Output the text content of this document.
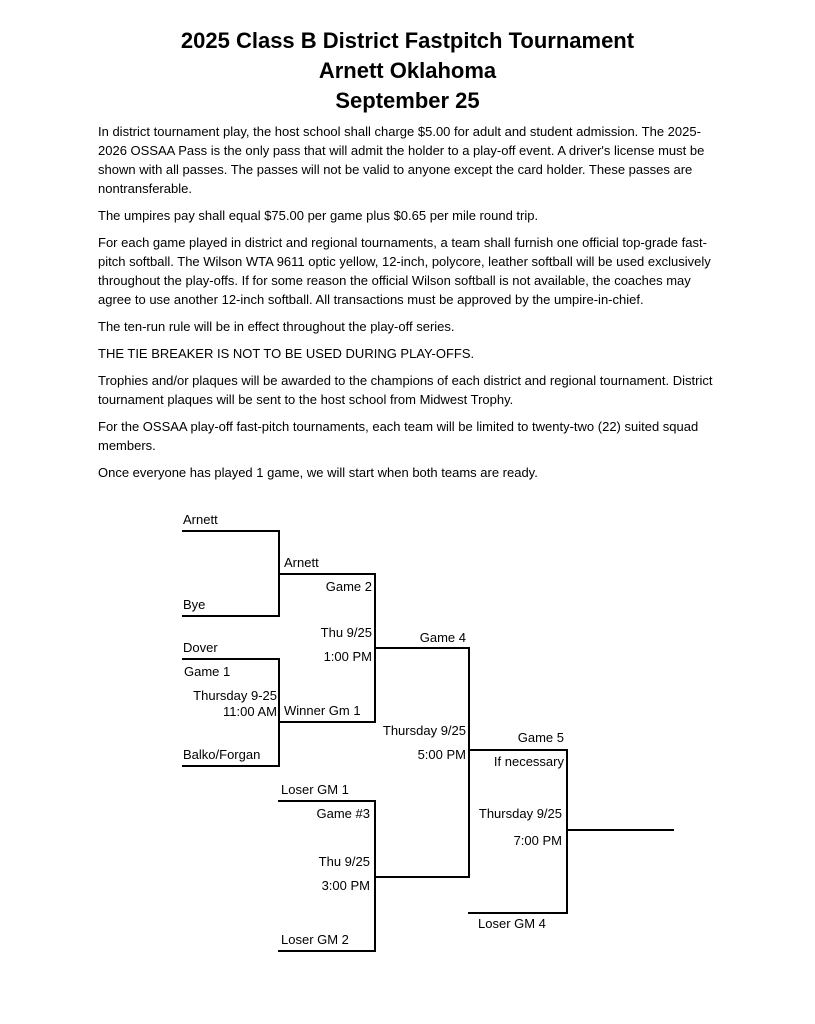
2025 Class B District Fastpitch Tournament
Arnett Oklahoma
September 25

In district tournament play, the host school shall charge $5.00 for adult and student admission. The 2025-2026 OSSAA Pass is the only pass that will admit the holder to a play-off event. A driver's license must be shown with all passes. The passes will not be valid to anyone except the card holder. These passes are nontransferable.

The umpires pay shall equal $75.00 per game plus $0.65 per mile round trip.

For each game played in district and regional tournaments, a team shall furnish one official top-grade fast-pitch softball. The Wilson WTA 9611 optic yellow, 12-inch, polycore, leather softball will be used exclusively throughout the play-offs. If for some reason the official Wilson softball is not available, the coaches may agree to use another 12-inch softball. All transactions must be approved by the umpire-in-chief.

The ten-run rule will be in effect throughout the play-off series.

THE TIE BREAKER IS NOT TO BE USED DURING PLAY-OFFS.

Trophies and/or plaques will be awarded to the champions of each district and regional tournament. District tournament plaques will be sent to the host school from Midwest Trophy.

For the OSSAA play-off fast-pitch tournaments, each team will be limited to twenty-two (22) suited squad members.

Once everyone has played 1 game, we will start when both teams are ready.

Arnett
Bye
Dover
Game 1
Thursday 9-25
11:00 AM
Balko/Forgan
Arnett
Winner Gm 1
Game 2
Thu 9/25
1:00 PM
Game 4
Thursday 9/25
5:00 PM
Loser GM 1
Game #3
Thu 9/25
3:00 PM
Loser GM 2
Game 5
If necessary
Thursday 9/25
7:00 PM
Loser GM 4
